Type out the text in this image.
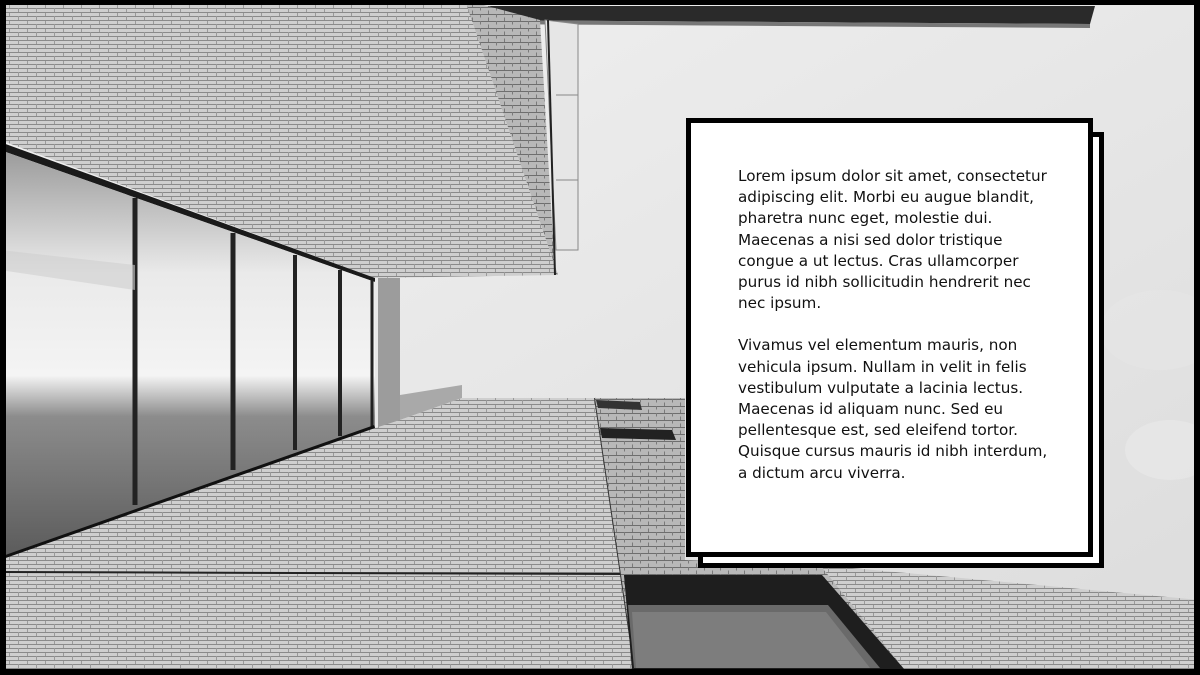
Lorem ipsum dolor sit amet, consectetur adipiscing elit. Morbi eu augue blandit, pharetra nunc eget, molestie dui. Maecenas a nisi sed dolor tristique congue a ut lectus. Cras ullamcorper purus id nibh sollicitudin hendrerit nec nec ipsum.

Vivamus vel elementum mauris, non vehicula ipsum. Nullam in velit in felis vestibulum vulputate a lacinia lectus. Maecenas id aliquam nunc. Sed eu pellentesque est, sed eleifend tortor. Quisque cursus mauris id nibh interdum, a dictum arcu viverra.
